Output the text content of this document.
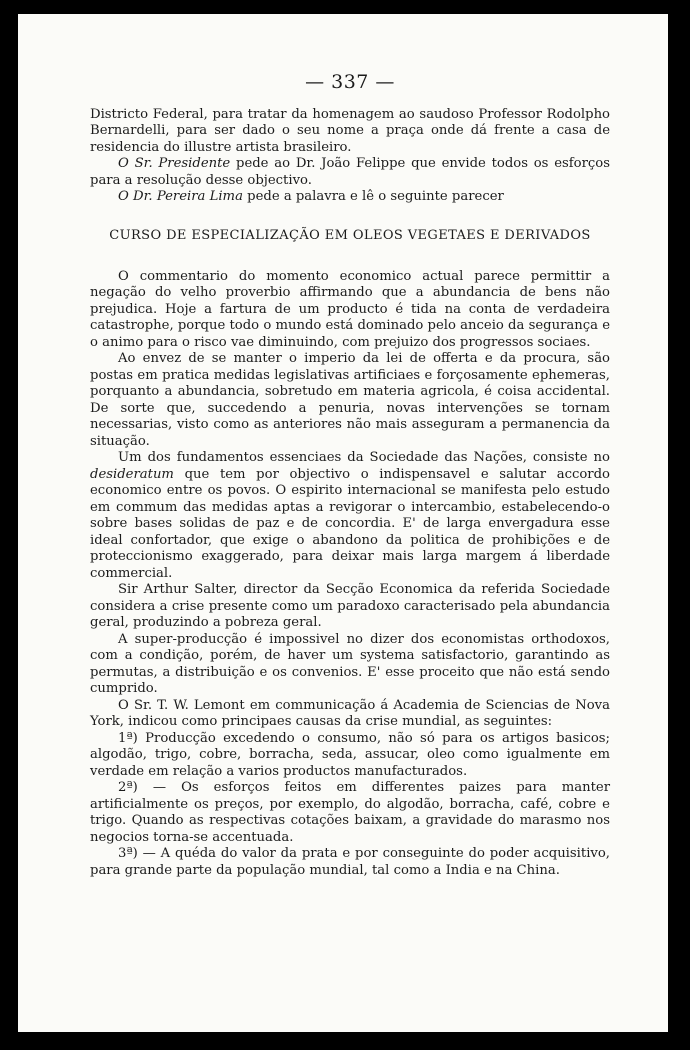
— 337 —

Districto Federal, para tratar da homenagem ao saudoso Professor Rodolpho Bernardelli, para ser dado o seu nome a praça onde dá frente a casa de residencia do illustre artista brasileiro.

O Sr. Presidente pede ao Dr. João Felippe que envide todos os esforços para a resolução desse objectivo.

O Dr. Pereira Lima pede a palavra e lê o seguinte parecer

CURSO DE ESPECIALIZAÇÃO EM OLEOS VEGETAES E DERIVADOS

O commentario do momento economico actual parece permittir a negação do velho proverbio affirmando que a abundancia de bens não prejudica. Hoje a fartura de um producto é tida na conta de verdadeira catastrophe, porque todo o mundo está dominado pelo anceio da segurança e o animo para o risco vae diminuindo, com prejuizo dos progressos sociaes.

Ao envez de se manter o imperio da lei de offerta e da procura, são postas em pratica medidas legislativas artificiaes e forçosamente ephemeras, porquanto a abundancia, sobretudo em materia agricola, é coisa accidental. De sorte que, succedendo a penuria, novas intervenções se tornam necessarias, visto como as anteriores não mais asseguram a permanencia da situação.

Um dos fundamentos essenciaes da Sociedade das Nações, consiste no desideratum que tem por objectivo o indispensavel e salutar accordo economico entre os povos. O espirito internacional se manifesta pelo estudo em commum das medidas aptas a revigorar o intercambio, estabelecendo-o sobre bases solidas de paz e de concordia. E' de larga envergadura esse ideal confortador, que exige o abandono da politica de prohibições e de proteccionismo exaggerado, para deixar mais larga margem á liberdade commercial.

Sir Arthur Salter, director da Secção Economica da referida Sociedade considera a crise presente como um paradoxo caracterisado pela abundancia geral, produzindo a pobreza geral.

A super-producção é impossivel no dizer dos economistas orthodoxos, com a condição, porém, de haver um systema satisfactorio, garantindo as permutas, a distribuição e os convenios. E' esse proceito que não está sendo cumprido.

O Sr. T. W. Lemont em communicação á Academia de Sciencias de Nova York, indicou como principaes causas da crise mundial, as seguintes:

1ª) Producção excedendo o consumo, não só para os artigos basicos; algodão, trigo, cobre, borracha, seda, assucar, oleo como igualmente em verdade em relação a varios productos manufacturados.

2ª) — Os esforços feitos em differentes paizes para manter artificialmente os preços, por exemplo, do algodão, borracha, café, cobre e trigo. Quando as respectivas cotações baixam, a gravidade do marasmo nos negocios torna-se accentuada.

3ª) — A quéda do valor da prata e por conseguinte do poder acquisitivo, para grande parte da população mundial, tal como a India e na China.
